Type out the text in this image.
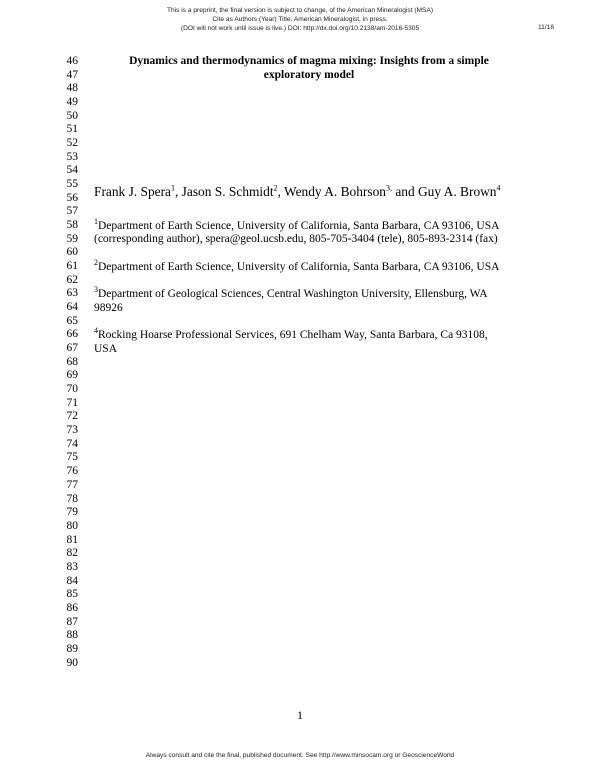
This is a preprint, the final version is subject to change, of the American Mineralogist (MSA)
Cite as Authors (Year) Title. American Mineralogist, in press.
(DOI will not work until issue is live.) DOI: http://dx.doi.org/10.2138/am-2016-5305	11/18
46
47
48
49
50
51
52
53
54
55
56
57
58
59
60
61
62
63
64
65
66
67
68
69
70
71
72
73
74
75
76
77
78
79
80
81
82
83
84
85
86
87
88
89
90
Dynamics and thermodynamics of magma mixing: Insights from a simple
exploratory model
Frank J. Spera$^1$, Jason S. Schmidt$^2$, Wendy A. Bohrson$^{3,}$ and Guy A. Brown$^4$
$^1$Department of Earth Science, University of California, Santa Barbara, CA 93106, USA
(corresponding author), spera@geol.ucsb.edu, 805-705-3404 (tele), 805-893-2314 (fax)
$^2$Department of Earth Science, University of California, Santa Barbara, CA 93106, USA
$^3$Department of Geological Sciences, Central Washington University, Ellensburg, WA
98926
$^4$Rocking Hoarse Professional Services, 691 Chelham Way, Santa Barbara, Ca 93108,
USA
1
Always consult and cite the final, published document. See http://www.minsocam.org or GeoscienceWorld
